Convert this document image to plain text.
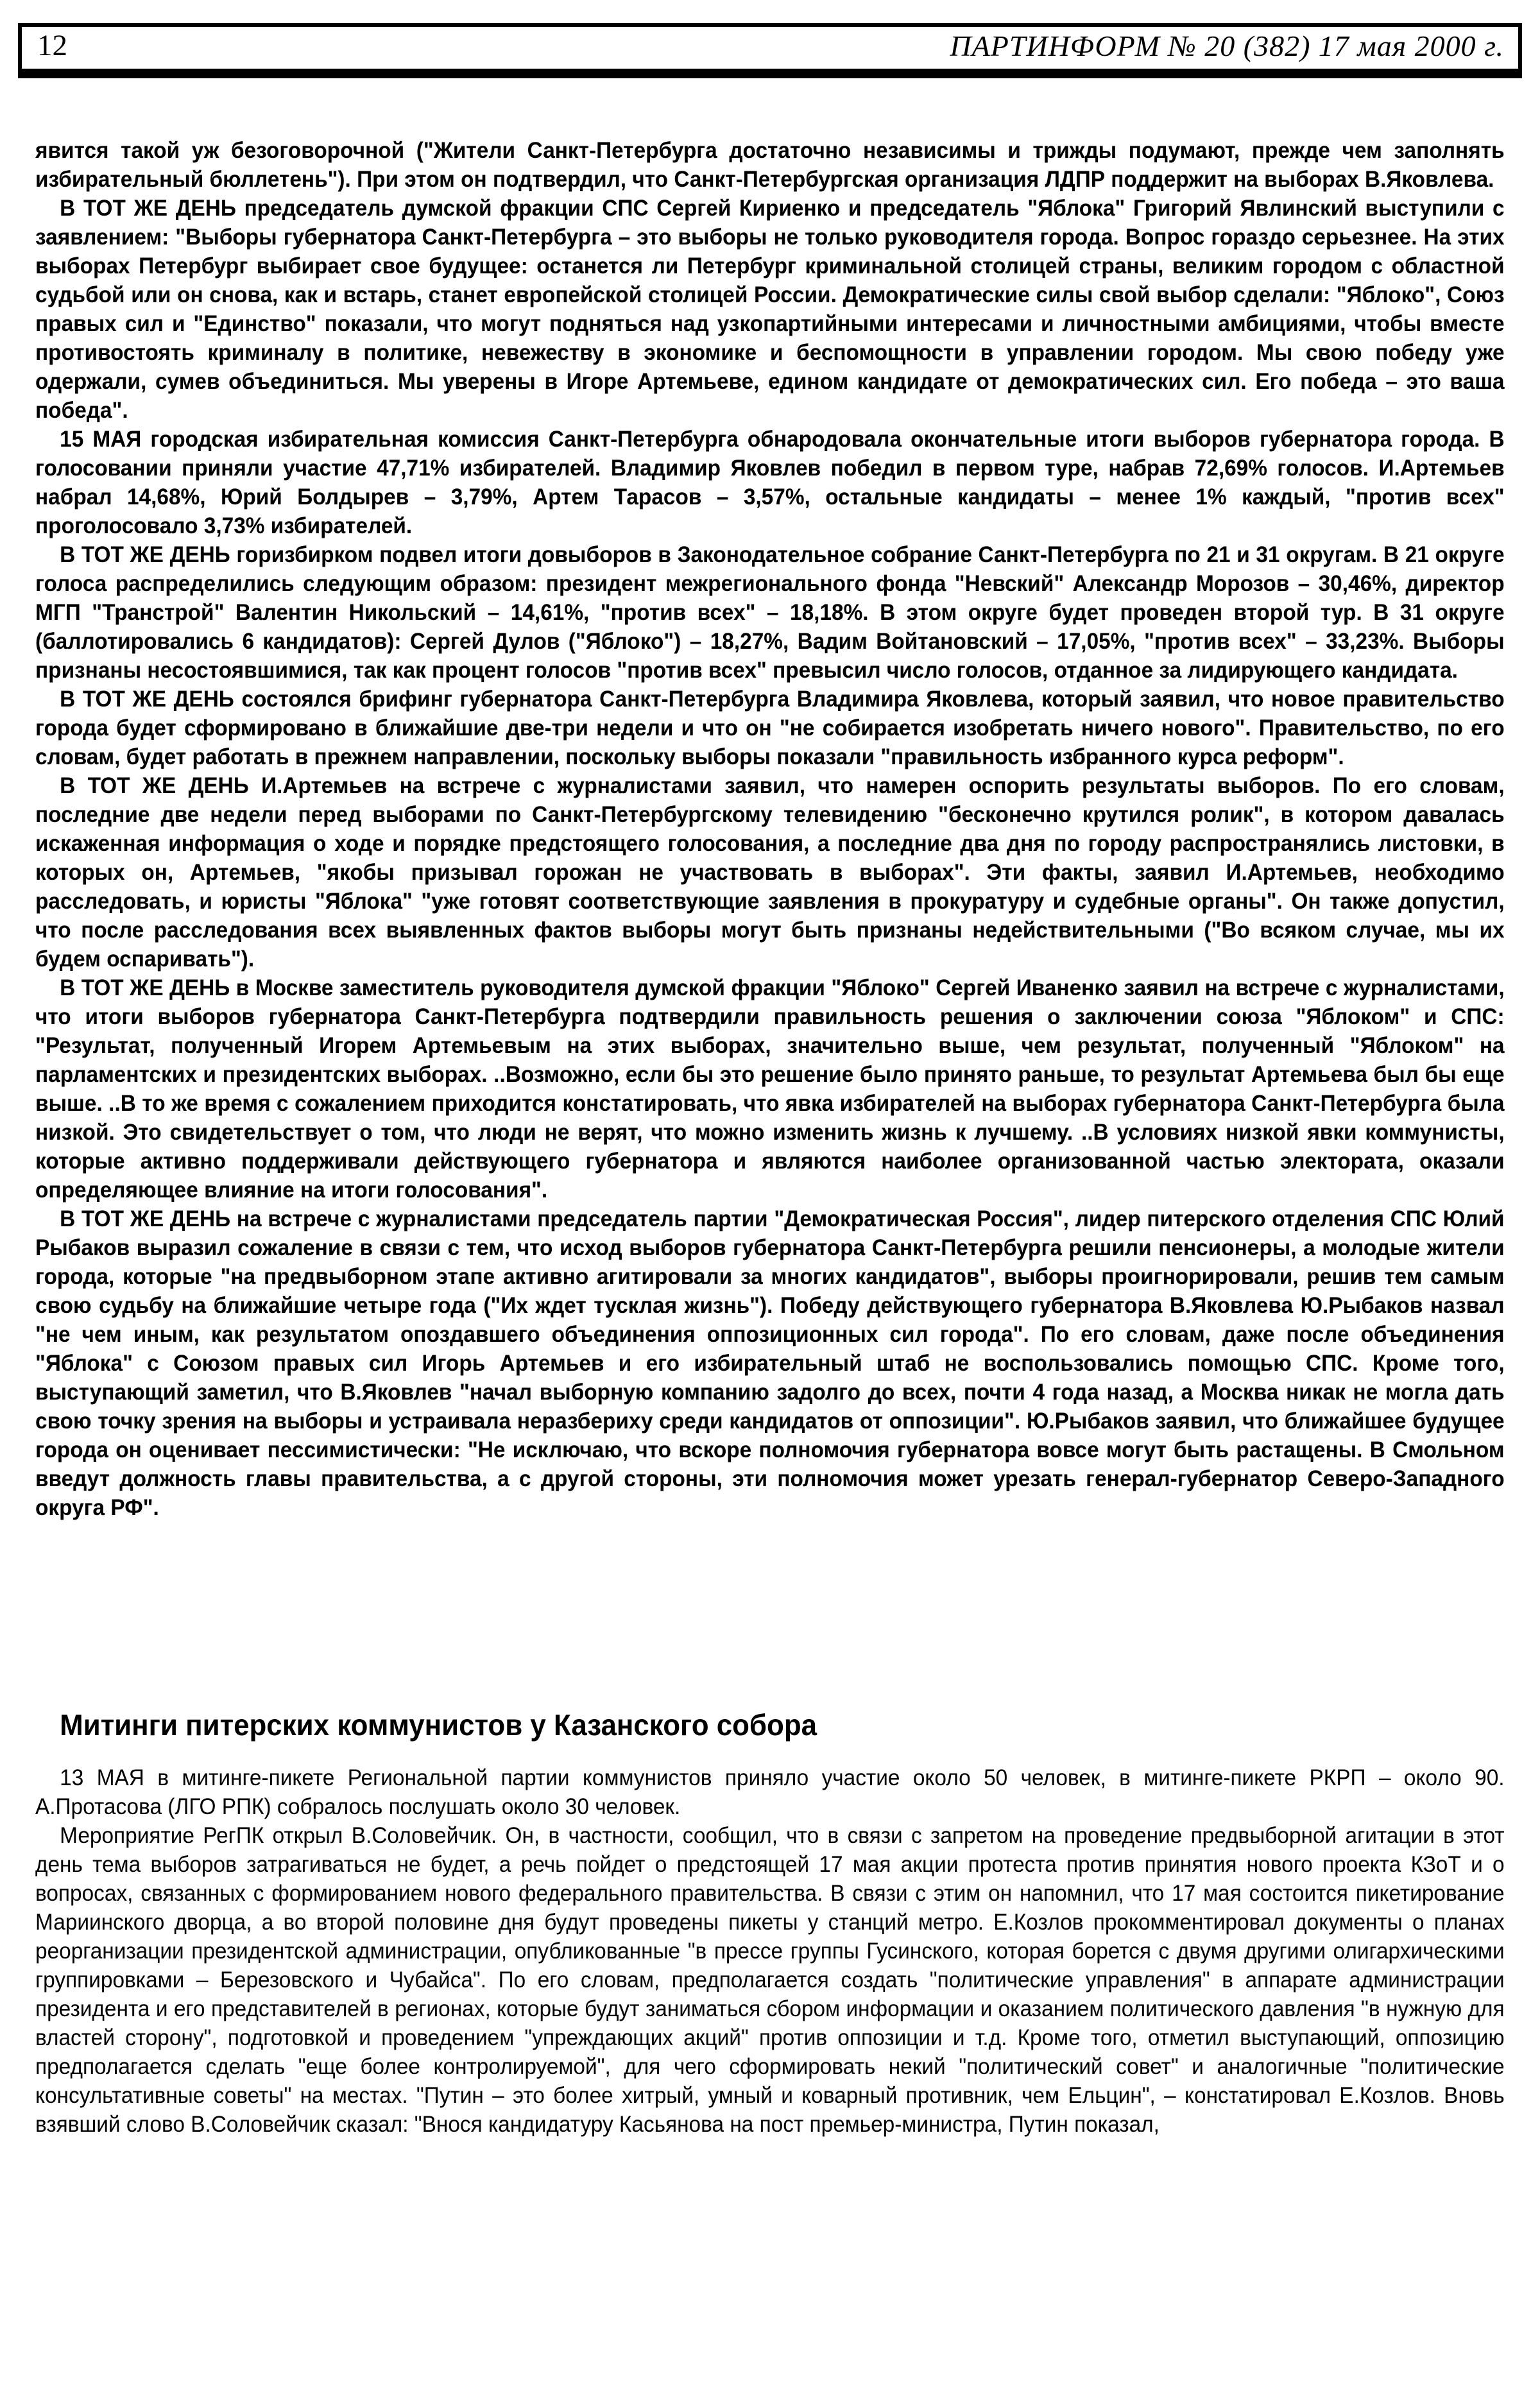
12	ПАРТИНФОРМ № 20 (382) 17 мая 2000 г.

явится такой уж безоговорочной ("Жители Санкт-Петербурга достаточно независимы и трижды подумают, прежде чем заполнять избирательный бюллетень"). При этом он подтвердил, что Санкт-Петербургская организация ЛДПР поддержит на выборах В.Яковлева.

В ТОТ ЖЕ ДЕНЬ председатель думской фракции СПС Сергей Кириенко и председатель "Яблока" Григорий Явлинский выступили с заявлением: "Выборы губернатора Санкт-Петербурга – это выборы не только руководителя города. Вопрос гораздо серьезнее. На этих выборах Петербург выбирает свое будущее: останется ли Петербург криминальной столицей страны, великим городом с областной судьбой или он снова, как и встарь, станет европейской столицей России. Демократические силы свой выбор сделали: "Яблоко", Союз правых сил и "Единство" показали, что могут подняться над узкопартийными интересами и личностными амбициями, чтобы вместе противостоять криминалу в политике, невежеству в экономике и беспомощности в управлении городом. Мы свою победу уже одержали, сумев объединиться. Мы уверены в Игоре Артемьеве, едином кандидате от демократических сил. Его победа – это ваша победа".

15 МАЯ городская избирательная комиссия Санкт-Петербурга обнародовала окончательные итоги выборов губернатора города. В голосовании приняли участие 47,71% избирателей. Владимир Яковлев победил в первом туре, набрав 72,69% голосов. И.Артемьев набрал 14,68%, Юрий Болдырев – 3,79%, Артем Тарасов – 3,57%, остальные кандидаты – менее 1% каждый, "против всех" проголосовало 3,73% избирателей.

В ТОТ ЖЕ ДЕНЬ горизбирком подвел итоги довыборов в Законодательное собрание Санкт-Петербурга по 21 и 31 округам. В 21 округе голоса распределились следующим образом: президент межрегионального фонда "Невский" Александр Морозов – 30,46%, директор МГП "Транстрой" Валентин Никольский – 14,61%, "против всех" – 18,18%. В этом округе будет проведен второй тур. В 31 округе (баллотировались 6 кандидатов): Сергей Дулов ("Яблоко") – 18,27%, Вадим Войтановский – 17,05%, "против всех" – 33,23%. Выборы признаны несостоявшимися, так как процент голосов "против всех" превысил число голосов, отданное за лидирующего кандидата.

В ТОТ ЖЕ ДЕНЬ состоялся брифинг губернатора Санкт-Петербурга Владимира Яковлева, который заявил, что новое правительство города будет сформировано в ближайшие две-три недели и что он "не собирается изобретать ничего нового". Правительство, по его словам, будет работать в прежнем направлении, поскольку выборы показали "правильность избранного курса реформ".

В ТОТ ЖЕ ДЕНЬ И.Артемьев на встрече с журналистами заявил, что намерен оспорить результаты выборов. По его словам, последние две недели перед выборами по Санкт-Петербургскому телевидению "бесконечно крутился ролик", в котором давалась искаженная информация о ходе и порядке предстоящего голосования, а последние два дня по городу распространялись листовки, в которых он, Артемьев, "якобы призывал горожан не участвовать в выборах". Эти факты, заявил И.Артемьев, необходимо расследовать, и юристы "Яблока" "уже готовят соответствующие заявления в прокуратуру и судебные органы". Он также допустил, что после расследования всех выявленных фактов выборы могут быть признаны недействительными ("Во всяком случае, мы их будем оспаривать").

В ТОТ ЖЕ ДЕНЬ в Москве заместитель руководителя думской фракции "Яблоко" Сергей Иваненко заявил на встрече с журналистами, что итоги выборов губернатора Санкт-Петербурга подтвердили правильность решения о заключении союза "Яблоком" и СПС: "Результат, полученный Игорем Артемьевым на этих выборах, значительно выше, чем результат, полученный "Яблоком" на парламентских и президентских выборах. ..Возможно, если бы это решение было принято раньше, то результат Артемьева был бы еще выше. ..В то же время с сожалением приходится констатировать, что явка избирателей на выборах губернатора Санкт-Петербурга была низкой. Это свидетельствует о том, что люди не верят, что можно изменить жизнь к лучшему. ..В условиях низкой явки коммунисты, которые активно поддерживали действующего губернатора и являются наиболее организованной частью электората, оказали определяющее влияние на итоги голосования".

В ТОТ ЖЕ ДЕНЬ на встрече с журналистами председатель партии "Демократическая Россия", лидер питерского отделения СПС Юлий Рыбаков выразил сожаление в связи с тем, что исход выборов губернатора Санкт-Петербурга решили пенсионеры, а молодые жители города, которые "на предвыборном этапе активно агитировали за многих кандидатов", выборы проигнорировали, решив тем самым свою судьбу на ближайшие четыре года ("Их ждет тусклая жизнь"). Победу действующего губернатора В.Яковлева Ю.Рыбаков назвал "не чем иным, как результатом опоздавшего объединения оппозиционных сил города". По его словам, даже после объединения "Яблока" с Союзом правых сил Игорь Артемьев и его избирательный штаб не воспользовались помощью СПС. Кроме того, выступающий заметил, что В.Яковлев "начал выборную компанию задолго до всех, почти 4 года назад, а Москва никак не могла дать свою точку зрения на выборы и устраивала неразбериху среди кандидатов от оппозиции". Ю.Рыбаков заявил, что ближайшее будущее города он оценивает пессимистически: "Не исключаю, что вскоре полномочия губернатора вовсе могут быть растащены. В Смольном введут должность главы правительства, а с другой стороны, эти полномочия может урезать генерал-губернатор Северо-Западного округа РФ".

Митинги питерских коммунистов у Казанского собора

13 МАЯ в митинге-пикете Региональной партии коммунистов приняло участие около 50 человек, в митинге-пикете РКРП – около 90. А.Протасова (ЛГО РПК) собралось послушать около 30 человек.

Мероприятие РегПК открыл В.Соловейчик. Он, в частности, сообщил, что в связи с запретом на проведение предвыборной агитации в этот день тема выборов затрагиваться не будет, а речь пойдет о предстоящей 17 мая акции протеста против принятия нового проекта КЗоТ и о вопросах, связанных с формированием нового федерального правительства. В связи с этим он напомнил, что 17 мая состоится пикетирование Мариинского дворца, а во второй половине дня будут проведены пикеты у станций метро. Е.Козлов прокомментировал документы о планах реорганизации президентской администрации, опубликованные "в прессе группы Гусинского, которая борется с двумя другими олигархическими группировками – Березовского и Чубайса". По его словам, предполагается создать "политические управления" в аппарате администрации президента и его представителей в регионах, которые будут заниматься сбором информации и оказанием политического давления "в нужную для властей сторону", подготовкой и проведением "упреждающих акций" против оппозиции и т.д. Кроме того, отметил выступающий, оппозицию предполагается сделать "еще более контролируемой", для чего сформировать некий "политический совет" и аналогичные "политические консультативные советы" на местах. "Путин – это более хитрый, умный и коварный противник, чем Ельцин", – констатировал Е.Козлов. Вновь взявший слово В.Соловейчик сказал: "Внося кандидатуру Касьянова на пост премьер-министра, Путин показал,
